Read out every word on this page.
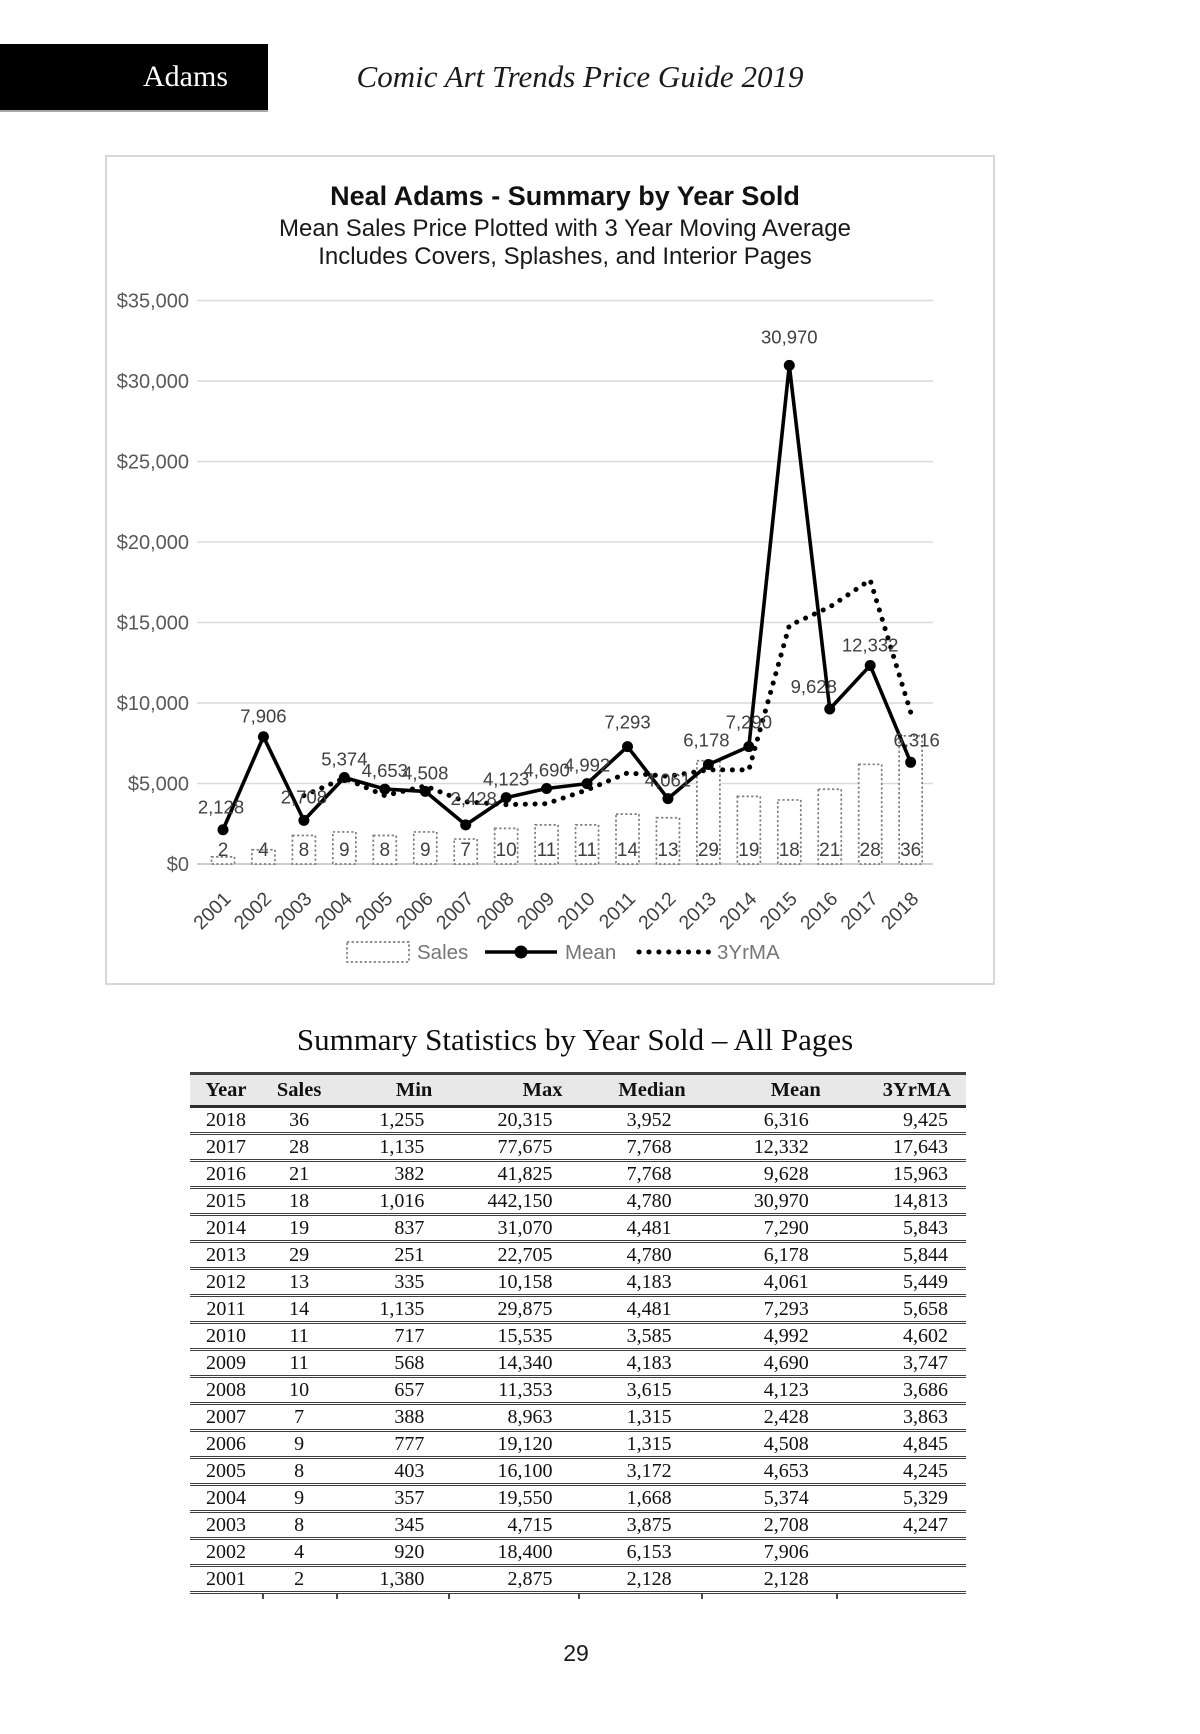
Adams	Comic Art Trends Price Guide 2019
Neal Adams - Summary by Year Sold
Mean Sales Price Plotted with 3 Year Moving Average
Includes Covers, Splashes, and Interior Pages
$35,000
$30,000
$25,000
$20,000
$15,000
$10,000
$5,000
$0
2,128
7,906
2,708
5,374
4,653
4,508
2,428
4,123
4,690
4,992
7,293
4,061
6,178
7,290
30,970
9,628
12,332
6,316
2 4 8 9 8 9 7 10 11 11 14 13 29 19 18 21 28 36
2001
2002
2003
2004
2005
2006
2007
2008
2009
2010
2011
2012
2013
2014
2015
2016
2017
2018
Sales	Mean	3YrMA
Summary Statistics by Year Sold – All Pages
Year	Sales	Min	Max	Median	Mean	3YrMA
2018	36	1,255	20,315	3,952	6,316	9,425
2017	28	1,135	77,675	7,768	12,332	17,643
2016	21	382	41,825	7,768	9,628	15,963
2015	18	1,016	442,150	4,780	30,970	14,813
2014	19	837	31,070	4,481	7,290	5,843
2013	29	251	22,705	4,780	6,178	5,844
2012	13	335	10,158	4,183	4,061	5,449
2011	14	1,135	29,875	4,481	7,293	5,658
2010	11	717	15,535	3,585	4,992	4,602
2009	11	568	14,340	4,183	4,690	3,747
2008	10	657	11,353	3,615	4,123	3,686
2007	7	388	8,963	1,315	2,428	3,863
2006	9	777	19,120	1,315	4,508	4,845
2005	8	403	16,100	3,172	4,653	4,245
2004	9	357	19,550	1,668	5,374	5,329
2003	8	345	4,715	3,875	2,708	4,247
2002	4	920	18,400	6,153	7,906	
2001	2	1,380	2,875	2,128	2,128	
29
